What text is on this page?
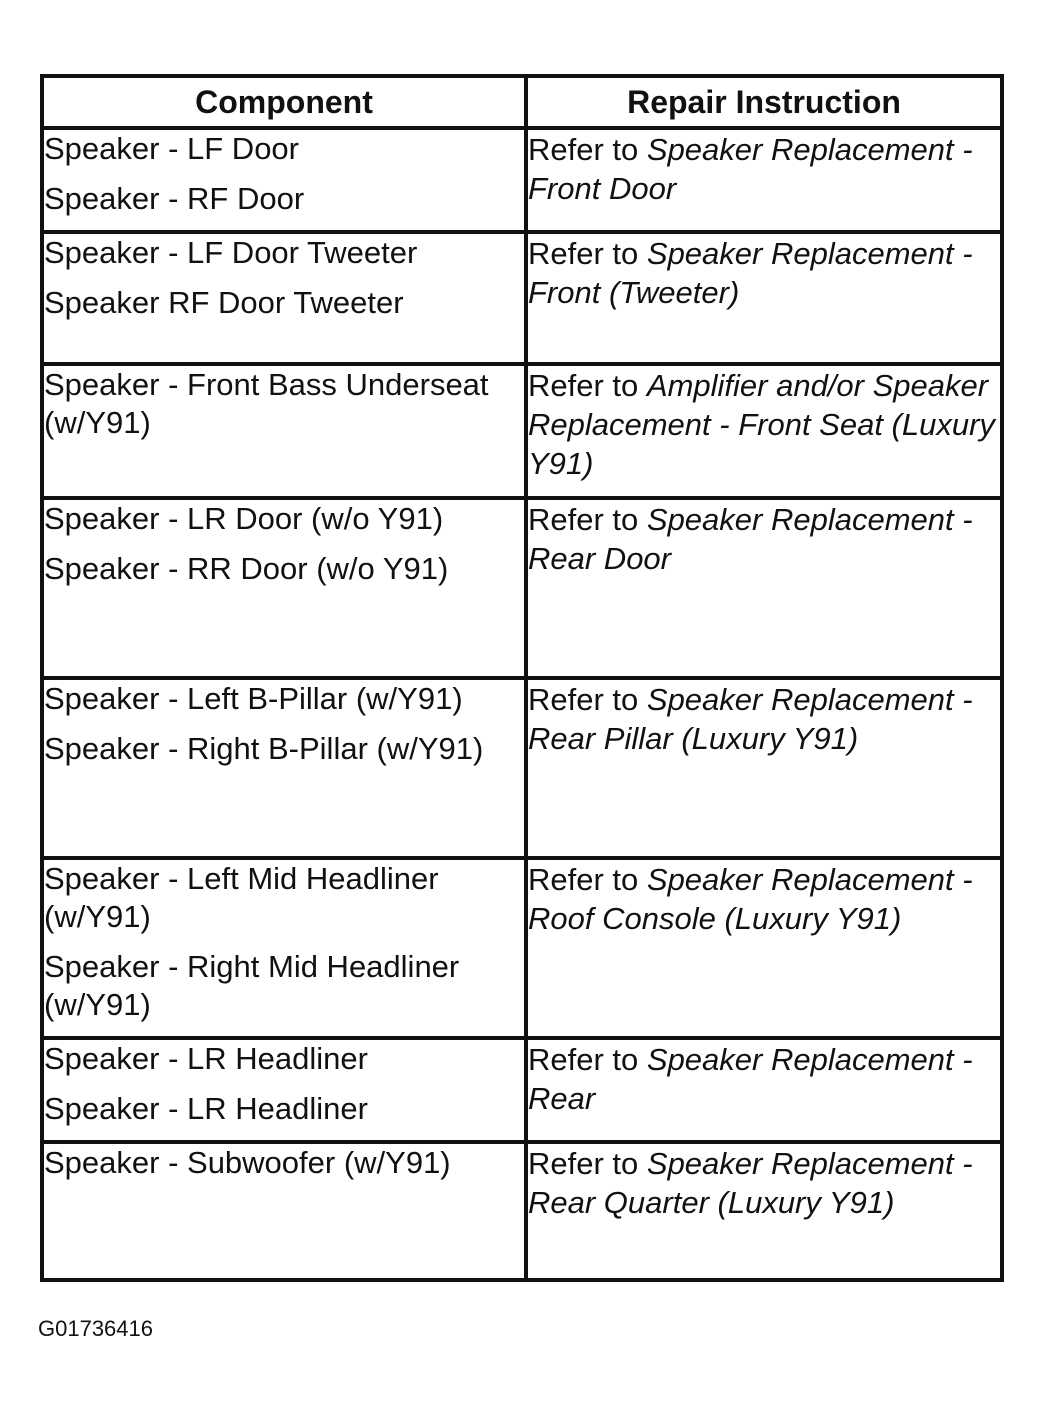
Component	Repair Instruction

Speaker - LF Door
Speaker - RF Door	Refer to Speaker Replacement - Front Door

Speaker - LF Door Tweeter
Speaker RF Door Tweeter	Refer to Speaker Replacement - Front (Tweeter)

Speaker - Front Bass Underseat (w/Y91)	Refer to Amplifier and/or Speaker Replacement - Front Seat (Luxury Y91)

Speaker - LR Door (w/o Y91)
Speaker - RR Door (w/o Y91)	Refer to Speaker Replacement - Rear Door

Speaker - Left B-Pillar (w/Y91)
Speaker - Right B-Pillar (w/Y91)	Refer to Speaker Replacement - Rear Pillar (Luxury Y91)

Speaker - Left Mid Headliner (w/Y91)
Speaker - Right Mid Headliner (w/Y91)	Refer to Speaker Replacement - Roof Console (Luxury Y91)

Speaker - LR Headliner
Speaker - LR Headliner	Refer to Speaker Replacement - Rear

Speaker - Subwoofer (w/Y91)	Refer to Speaker Replacement - Rear Quarter (Luxury Y91)
G01736416
